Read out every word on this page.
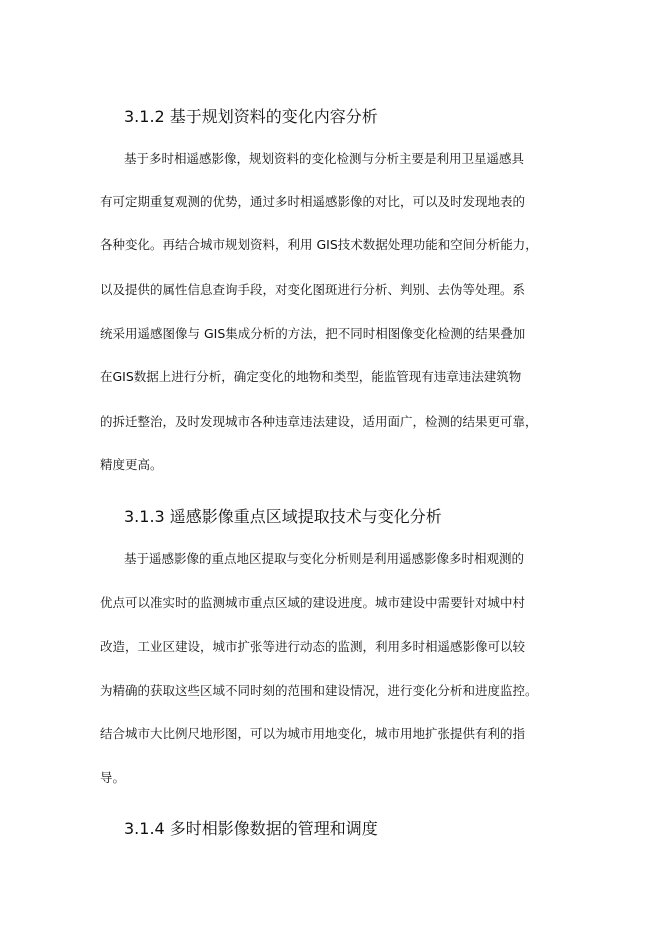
3.1.2 基于规划资料的变化内容分析
基于多时相遥感影像，规划资料的变化检测与分析主要是利用卫星遥感具
有可定期重复观测的优势，通过多时相遥感影像的对比，可以及时发现地表的
各种变化。再结合城市规划资料，利用 GIS技术数据处理功能和空间分析能力，
以及提供的属性信息查询手段，对变化图斑进行分析、判别、去伪等处理。系
统采用遥感图像与 GIS集成分析的方法，把不同时相图像变化检测的结果叠加
在GIS数据上进行分析，确定变化的地物和类型，能监管现有违章违法建筑物
的拆迁整治，及时发现城市各种违章违法建设，适用面广，检测的结果更可靠，
精度更高。
3.1.3 遥感影像重点区域提取技术与变化分析
基于遥感影像的重点地区提取与变化分析则是利用遥感影像多时相观测的
优点可以准实时的监测城市重点区域的建设进度。城市建设中需要针对城中村
改造，工业区建设，城市扩张等进行动态的监测，利用多时相遥感影像可以较
为精确的获取这些区域不同时刻的范围和建设情况，进行变化分析和进度监控。
结合城市大比例尺地形图，可以为城市用地变化，城市用地扩张提供有利的指
导。
3.1.4 多时相影像数据的管理和调度
